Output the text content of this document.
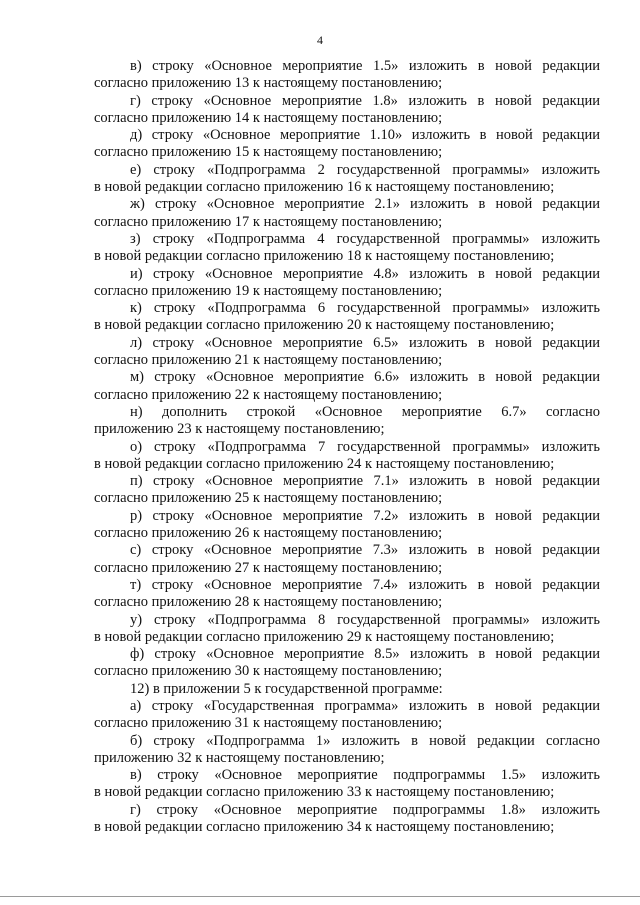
4

в) строку «Основное мероприятие 1.5» изложить в новой редакции
согласно приложению 13 к настоящему постановлению;

г) строку «Основное мероприятие 1.8» изложить в новой редакции
согласно приложению 14 к настоящему постановлению;

д) строку «Основное мероприятие 1.10» изложить в новой редакции
согласно приложению 15 к настоящему постановлению;

е) строку «Подпрограмма 2 государственной программы» изложить
в новой редакции согласно приложению 16 к настоящему постановлению;

ж) строку «Основное мероприятие 2.1» изложить в новой редакции
согласно приложению 17 к настоящему постановлению;

з) строку «Подпрограмма 4 государственной программы» изложить
в новой редакции согласно приложению 18 к настоящему постановлению;

и) строку «Основное мероприятие 4.8» изложить в новой редакции
согласно приложению 19 к настоящему постановлению;

к) строку «Подпрограмма 6 государственной программы» изложить
в новой редакции согласно приложению 20 к настоящему постановлению;

л) строку «Основное мероприятие 6.5» изложить в новой редакции
согласно приложению 21 к настоящему постановлению;

м) строку «Основное мероприятие 6.6» изложить в новой редакции
согласно приложению 22 к настоящему постановлению;

н) дополнить строкой «Основное мероприятие 6.7» согласно
приложению 23 к настоящему постановлению;

о) строку «Подпрограмма 7 государственной программы» изложить
в новой редакции согласно приложению 24 к настоящему постановлению;

п) строку «Основное мероприятие 7.1» изложить в новой редакции
согласно приложению 25 к настоящему постановлению;

р) строку «Основное мероприятие 7.2» изложить в новой редакции
согласно приложению 26 к настоящему постановлению;

с) строку «Основное мероприятие 7.3» изложить в новой редакции
согласно приложению 27 к настоящему постановлению;

т) строку «Основное мероприятие 7.4» изложить в новой редакции
согласно приложению 28 к настоящему постановлению;

у) строку «Подпрограмма 8 государственной программы» изложить
в новой редакции согласно приложению 29 к настоящему постановлению;

ф) строку «Основное мероприятие 8.5» изложить в новой редакции
согласно приложению 30 к настоящему постановлению;

12) в приложении 5 к государственной программе:

а) строку «Государственная программа» изложить в новой редакции
согласно приложению 31 к настоящему постановлению;

б) строку «Подпрограмма 1» изложить в новой редакции согласно
приложению 32 к настоящему постановлению;

в) строку «Основное мероприятие подпрограммы 1.5» изложить
в новой редакции согласно приложению 33 к настоящему постановлению;

г) строку «Основное мероприятие подпрограммы 1.8» изложить
в новой редакции согласно приложению 34 к настоящему постановлению;
